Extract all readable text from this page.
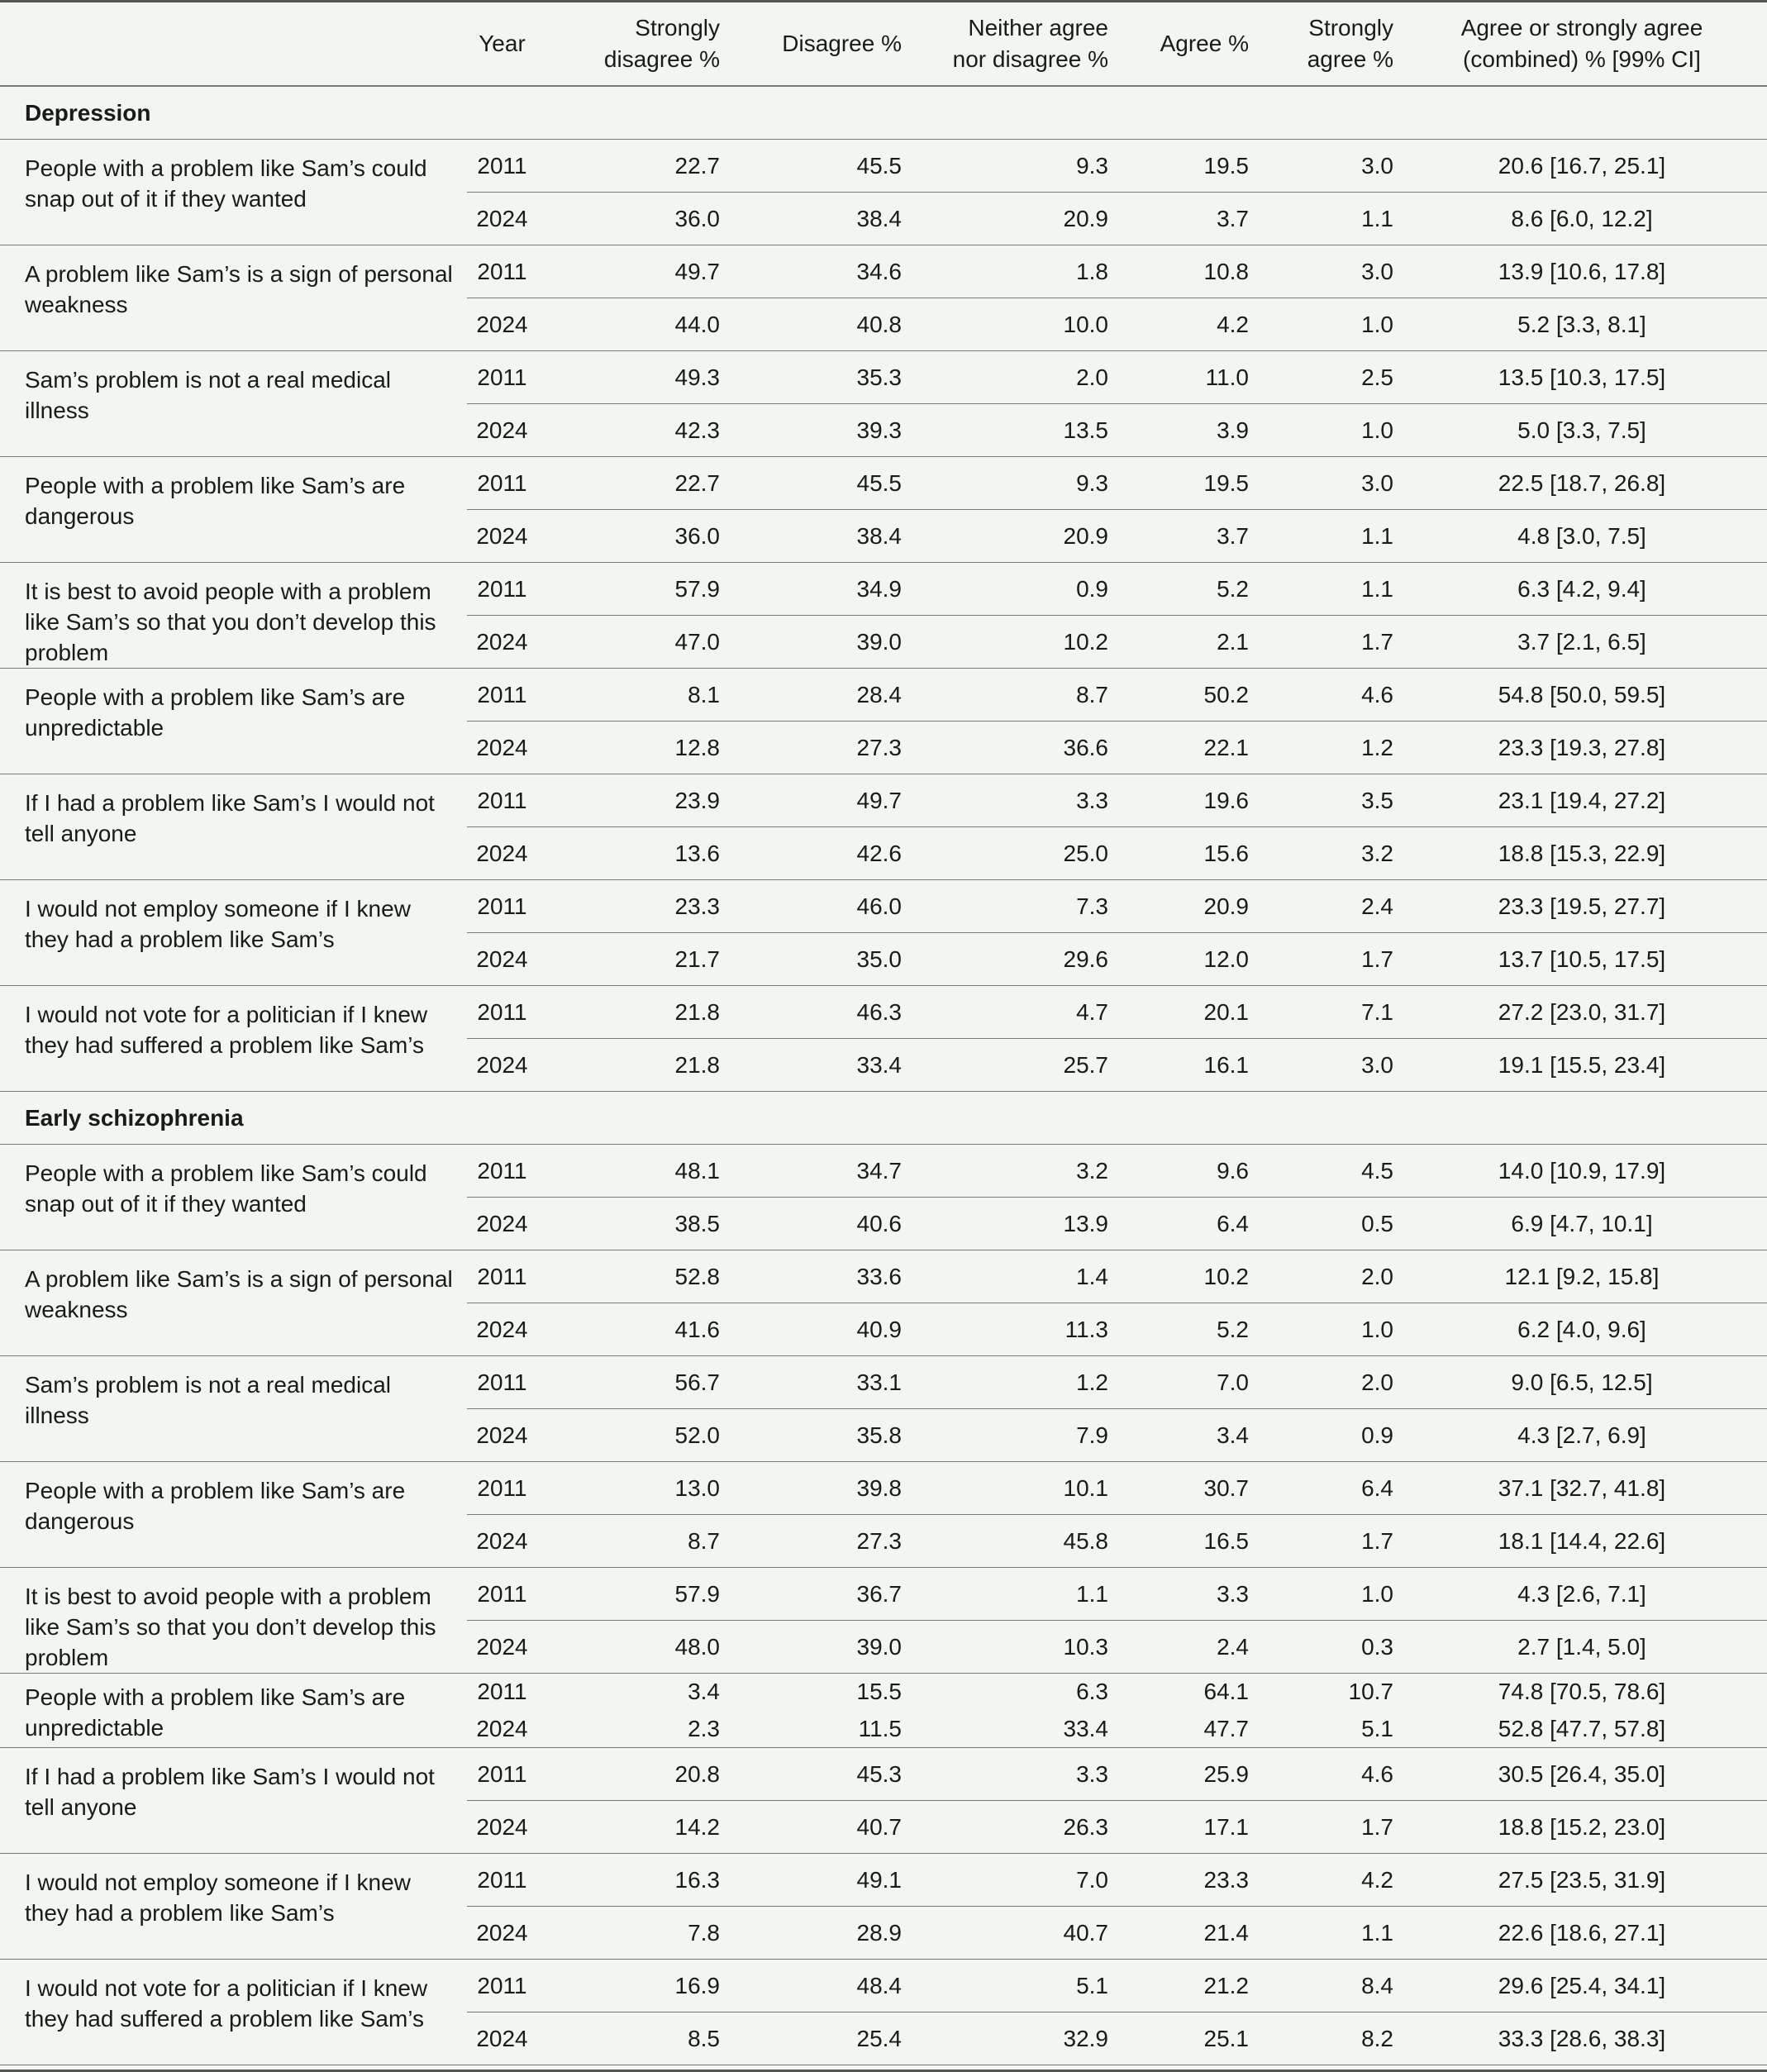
	Year	Strongly
disagree %	Disagree %	Neither agree
nor disagree %	Agree %	Strongly
agree %	Agree or strongly agree
(combined) % [99% CI]

Depression							
People with a problem like Sam’s could snap out of it if they wanted	2011	22.7	45.5	9.3	19.5	3.0	20.6 [16.7, 25.1]
	2024	36.0	38.4	20.9	3.7	1.1	8.6 [6.0, 12.2]
A problem like Sam’s is a sign of personal weakness	2011	49.7	34.6	1.8	10.8	3.0	13.9 [10.6, 17.8]
	2024	44.0	40.8	10.0	4.2	1.0	5.2 [3.3, 8.1]
Sam’s problem is not a real medical illness	2011	49.3	35.3	2.0	11.0	2.5	13.5 [10.3, 17.5]
	2024	42.3	39.3	13.5	3.9	1.0	5.0 [3.3, 7.5]
People with a problem like Sam’s are dangerous	2011	22.7	45.5	9.3	19.5	3.0	22.5 [18.7, 26.8]
	2024	36.0	38.4	20.9	3.7	1.1	4.8 [3.0, 7.5]
It is best to avoid people with a problem like Sam’s so that you don’t develop this problem	2011	57.9	34.9	0.9	5.2	1.1	6.3 [4.2, 9.4]
	2024	47.0	39.0	10.2	2.1	1.7	3.7 [2.1, 6.5]
People with a problem like Sam’s are unpredictable	2011	8.1	28.4	8.7	50.2	4.6	54.8 [50.0, 59.5]
	2024	12.8	27.3	36.6	22.1	1.2	23.3 [19.3, 27.8]
If I had a problem like Sam’s I would not tell anyone	2011	23.9	49.7	3.3	19.6	3.5	23.1 [19.4, 27.2]
	2024	13.6	42.6	25.0	15.6	3.2	18.8 [15.3, 22.9]
I would not employ someone if I knew they had a problem like Sam’s	2011	23.3	46.0	7.3	20.9	2.4	23.3 [19.5, 27.7]
	2024	21.7	35.0	29.6	12.0	1.7	13.7 [10.5, 17.5]
I would not vote for a politician if I knew they had suffered a problem like Sam’s	2011	21.8	46.3	4.7	20.1	7.1	27.2 [23.0, 31.7]
	2024	21.8	33.4	25.7	16.1	3.0	19.1 [15.5, 23.4]
Early schizophrenia							
People with a problem like Sam’s could snap out of it if they wanted	2011	48.1	34.7	3.2	9.6	4.5	14.0 [10.9, 17.9]
	2024	38.5	40.6	13.9	6.4	0.5	6.9 [4.7, 10.1]
A problem like Sam’s is a sign of personal weakness	2011	52.8	33.6	1.4	10.2	2.0	12.1 [9.2, 15.8]
	2024	41.6	40.9	11.3	5.2	1.0	6.2 [4.0, 9.6]
Sam’s problem is not a real medical illness	2011	56.7	33.1	1.2	7.0	2.0	9.0 [6.5, 12.5]
	2024	52.0	35.8	7.9	3.4	0.9	4.3 [2.7, 6.9]
People with a problem like Sam’s are dangerous	2011	13.0	39.8	10.1	30.7	6.4	37.1 [32.7, 41.8]
	2024	8.7	27.3	45.8	16.5	1.7	18.1 [14.4, 22.6]
It is best to avoid people with a problem like Sam’s so that you don’t develop this problem	2011	57.9	36.7	1.1	3.3	1.0	4.3 [2.6, 7.1]
	2024	48.0	39.0	10.3	2.4	0.3	2.7 [1.4, 5.0]
People with a problem like Sam’s are unpredictable	2011	3.4	15.5	6.3	64.1	10.7	74.8 [70.5, 78.6]
	2024	2.3	11.5	33.4	47.7	5.1	52.8 [47.7, 57.8]
If I had a problem like Sam’s I would not tell anyone	2011	20.8	45.3	3.3	25.9	4.6	30.5 [26.4, 35.0]
	2024	14.2	40.7	26.3	17.1	1.7	18.8 [15.2, 23.0]
I would not employ someone if I knew they had a problem like Sam’s	2011	16.3	49.1	7.0	23.3	4.2	27.5 [23.5, 31.9]
	2024	7.8	28.9	40.7	21.4	1.1	22.6 [18.6, 27.1]
I would not vote for a politician if I knew they had suffered a problem like Sam’s	2011	16.9	48.4	5.1	21.2	8.4	29.6 [25.4, 34.1]
	2024	8.5	25.4	32.9	25.1	8.2	33.3 [28.6, 38.3]
